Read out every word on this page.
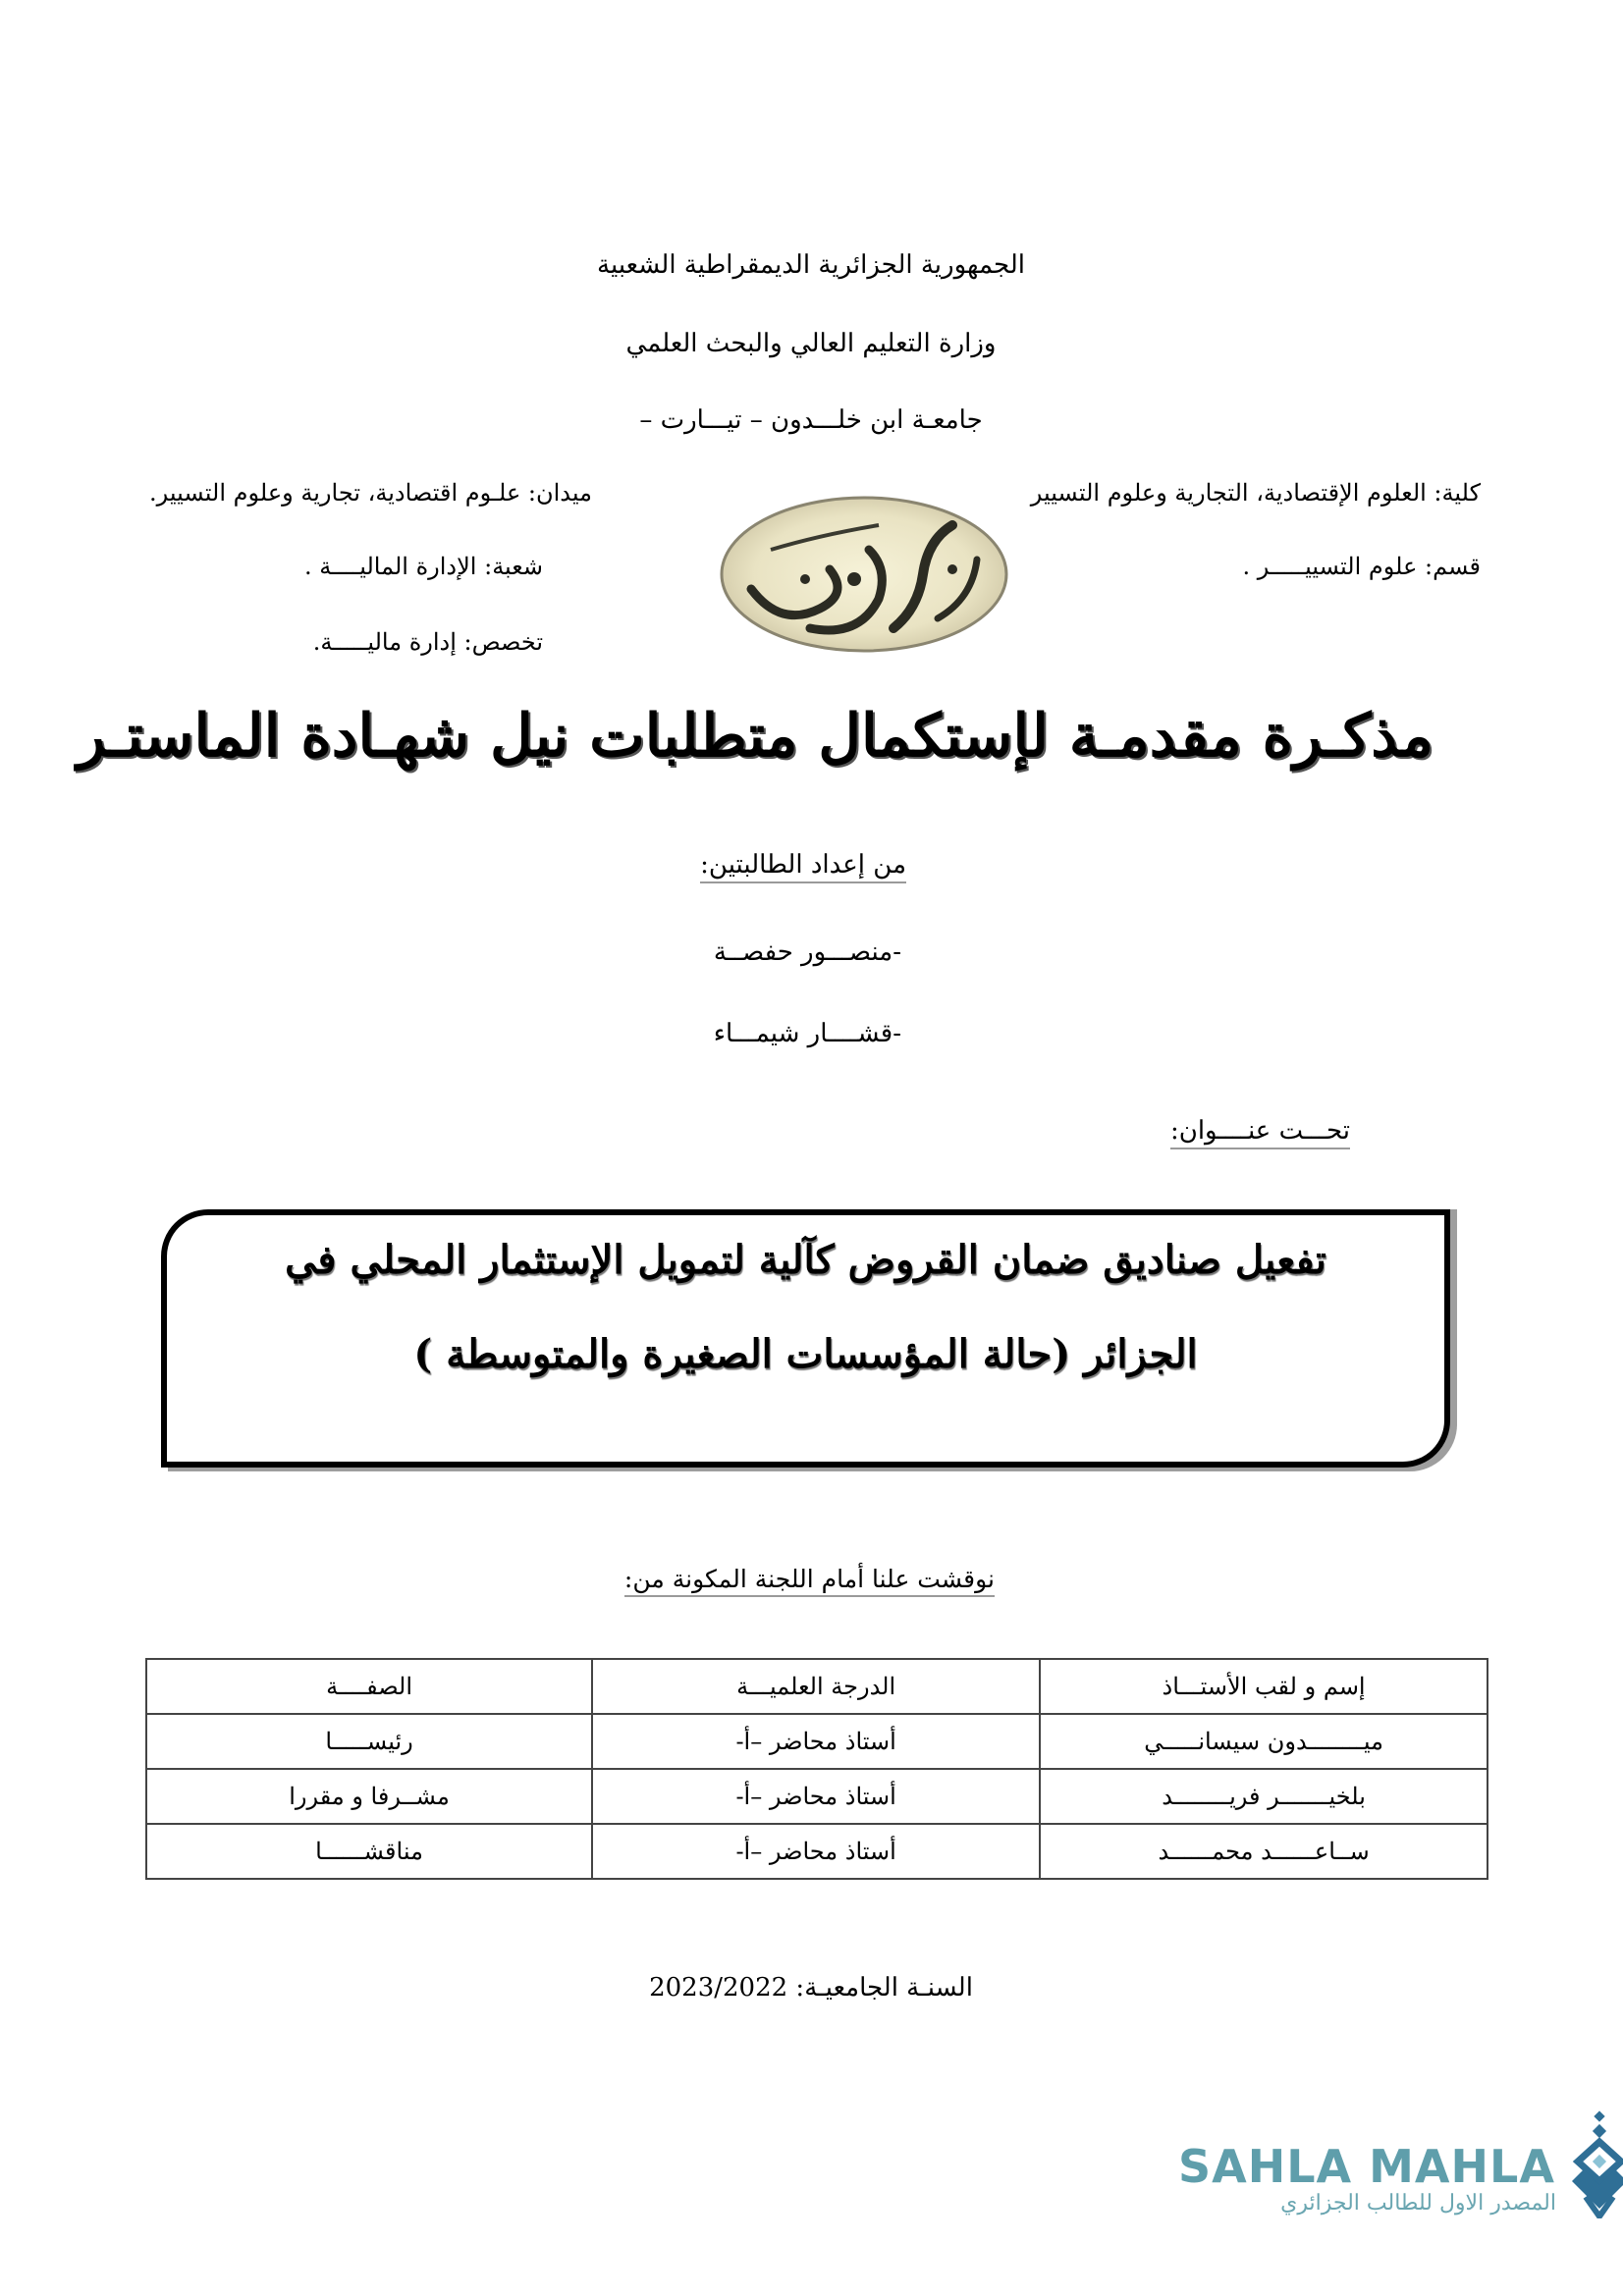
الجمهورية الجزائرية الديمقراطية الشعبية
وزارة التعليم العالي والبحث العلمي
جامعـة ابن خلـــدون – تيـــارت –
كلية: العلوم الإقتصادية، التجارية وعلوم التسيير
قسم: علوم التسييـــــر .
ميدان: علـوم اقتصادية، تجارية وعلوم التسيير.
شعبة: الإدارة الماليــــة .
تخصص: إدارة ماليـــــة.
مذكـرة مقدمـة لإستكمال متطلبات نيل شهـادة الماستـر
من إعداد الطالبتين:
-منصـــور حفصــة
-قشــــار شيمـــاء
تحـــت عنــــوان:
تفعيل صناديق ضمان القروض كآلية لتمويل الإستثمار المحلي في
الجزائر (حالة المؤسسات الصغيرة والمتوسطة )
نوقشت علنا أمام اللجنة المكونة من:
إسم و لقب الأستـــاذ	الدرجة العلميـــة	الصفــــة
ميــــــــدون سيسانـــــي	أستاذ محاضر –أ-	رئيســـــا
بلخيـــــــر فريــــــــد	أستاذ محاضر –أ-	مشــرفا و مقررا
ســاعــــــد محمــــــد	أستاذ محاضر –أ-	مناقشــــــا
السنـة الجامعيـة: 2023/2022
SAHLA MAHLA
المصدر الاول للطالب الجزائري
